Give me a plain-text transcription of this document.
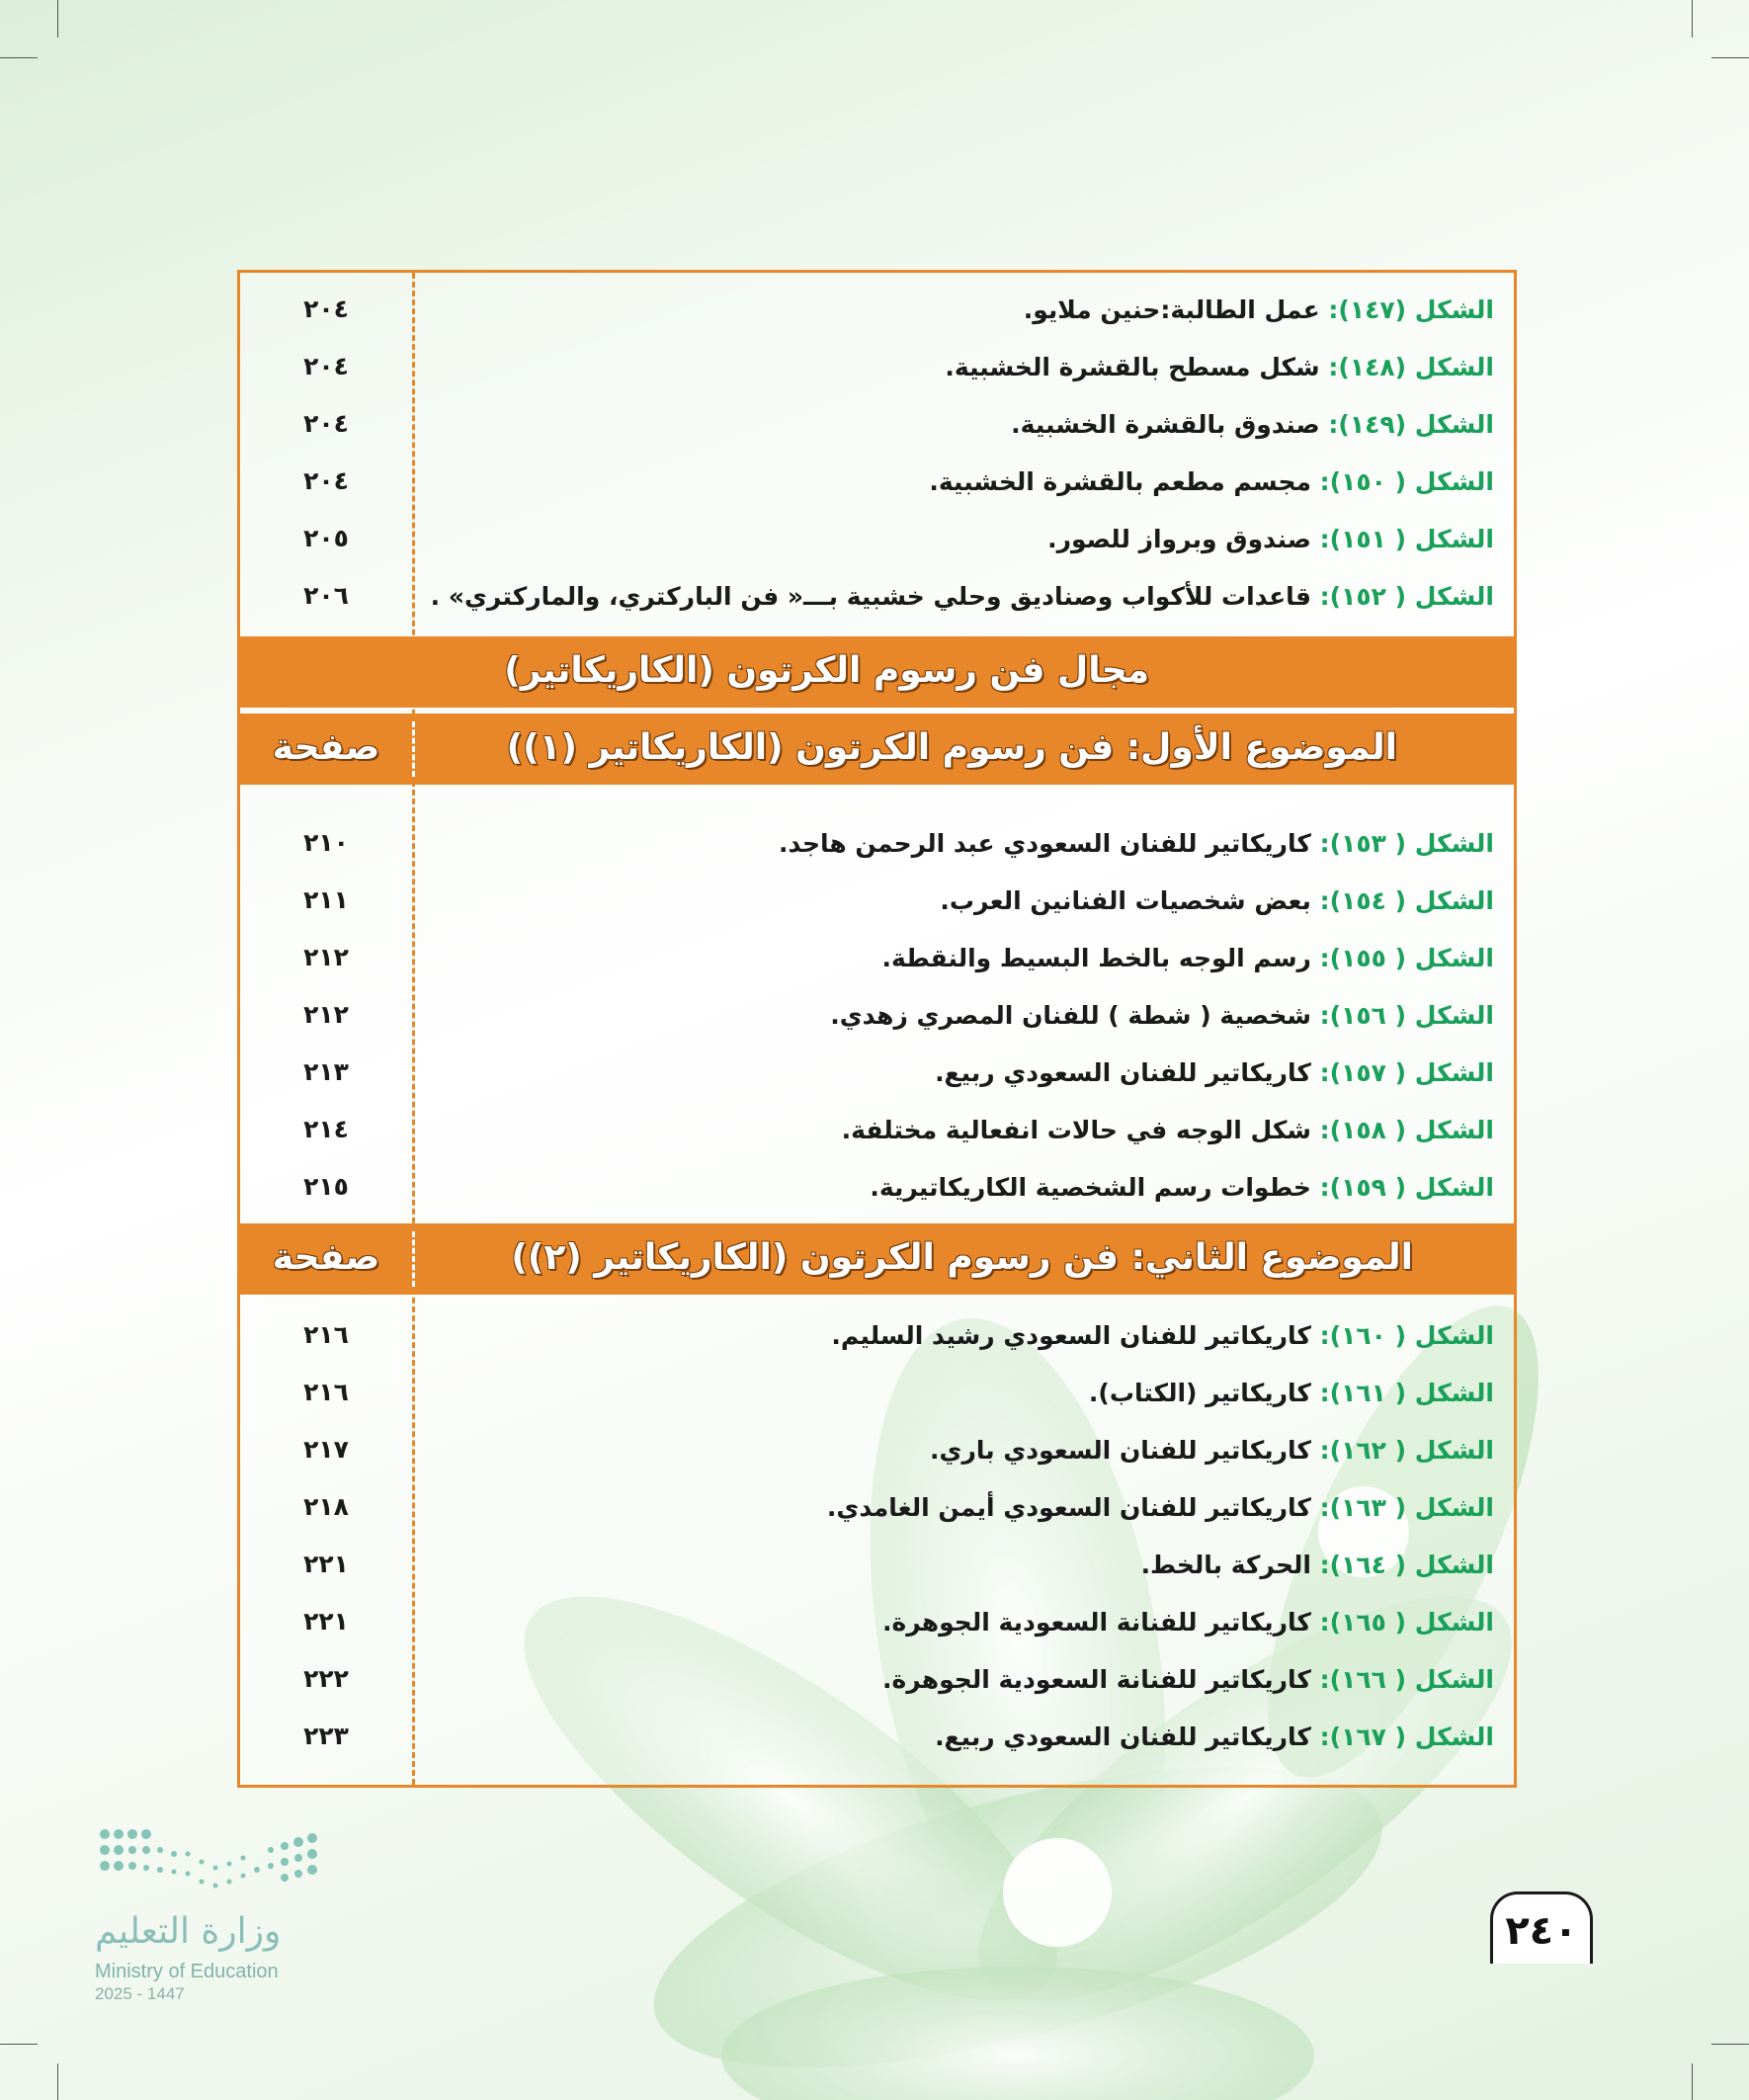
الشكل

(١٤٧):

عمل الطالبة:حنين ملايو.
٢٠٤
الشكل

(١٤٨):

شكل مسطح بالقشرة الخشبية.
٢٠٤
الشكل

(١٤٩):

صندوق بالقشرة الخشبية.
٢٠٤
الشكل

( ١٥٠):

مجسم مطعم بالقشرة الخشبية.
٢٠٤
الشكل

( ١٥١):

صندوق وبرواز للصور.
٢٠٥
الشكل

( ١٥٢):

قاعدات للأكواب وصناديق وحلي خشبية بـــ« فن الباركتري، والماركتري» .
٢٠٦
مجال فن رسوم الكرتون (الكاريكاتير)
الموضوع الأول: فن رسوم الكرتون (الكاريكاتير (١))
صفحة
الشكل

( ١٥٣):

كاريكاتير للفنان السعودي عبد الرحمن هاجد.
٢١٠
الشكل

( ١٥٤):

بعض شخصيات الفنانين العرب.
٢١١
الشكل

( ١٥٥):

رسم الوجه بالخط البسيط والنقطة.
٢١٢
الشكل

( ١٥٦):

شخصية ( شطة ) للفنان المصري زهدي.
٢١٢
الشكل

( ١٥٧):

كاريكاتير للفنان السعودي ربيع.
٢١٣
الشكل

( ١٥٨):

شكل الوجه في حالات انفعالية مختلفة.
٢١٤
الشكل

( ١٥٩):

خطوات رسم الشخصية الكاريكاتيرية.
٢١٥
الموضوع الثاني: فن رسوم الكرتون (الكاريكاتير (٢))
صفحة
الشكل

( ١٦٠):

كاريكاتير للفنان السعودي رشيد السليم.
٢١٦
الشكل

( ١٦١):

كاريكاتير (الكتاب).
٢١٦
الشكل

( ١٦٢):

كاريكاتير للفنان السعودي باري.
٢١٧
الشكل

( ١٦٣):

كاريكاتير للفنان السعودي أيمن الغامدي.
٢١٨
الشكل

( ١٦٤):

الحركة بالخط.
٢٢١
الشكل

( ١٦٥):

كاريكاتير للفنانة السعودية الجوهرة.
٢٢١
الشكل

( ١٦٦):

كاريكاتير للفنانة السعودية الجوهرة.
٢٢٢
الشكل

( ١٦٧):

كاريكاتير للفنان السعودي ربيع.
٢٢٣
وزارة التعليم
Ministry of Education
2025 - 1447
٢٤٠
